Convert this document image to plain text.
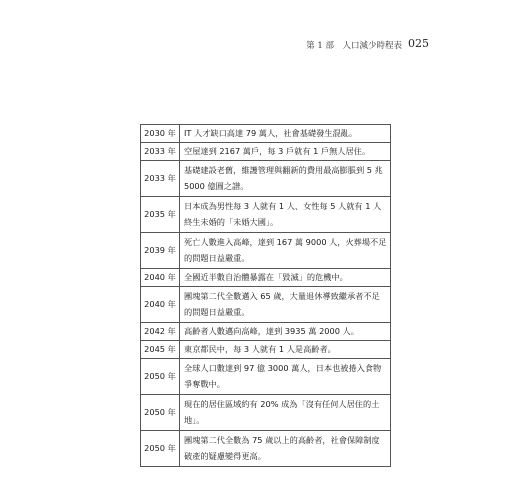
第 1 部　人口減少時程表 025
2030 年	IT 人才缺口高達 79 萬人，社會基礎發生混亂。
2033 年	空屋達到 2167 萬戶，每 3 戶就有 1 戶無人居住。
2033 年	基礎建設老舊，維護管理與翻新的費用最高膨脹到 5 兆5000 億圓之譜。
2035 年	日本成為男性每 3 人就有 1 人、女性每 5 人就有 1 人終生未婚的「未婚大國」。
2039 年	死亡人數進入高峰，達到 167 萬 9000 人，火葬場不足的問題日益嚴重。
2040 年	全國近半數自治體暴露在「毀滅」的危機中。
2040 年	團塊第二代全數邁入 65 歲，大量退休導致繼承者不足的問題日益嚴重。
2042 年	高齡者人數邁向高峰，達到 3935 萬 2000 人。
2045 年	東京都民中，每 3 人就有 1 人是高齡者。
2050 年	全球人口數達到 97 億 3000 萬人，日本也被捲入食物爭奪戰中。
2050 年	現在的居住區域約有 20% 成為「沒有任何人居住的土地」。
2050 年	團塊第二代全數為 75 歲以上的高齡者，社會保障制度破產的疑慮變得更高。
